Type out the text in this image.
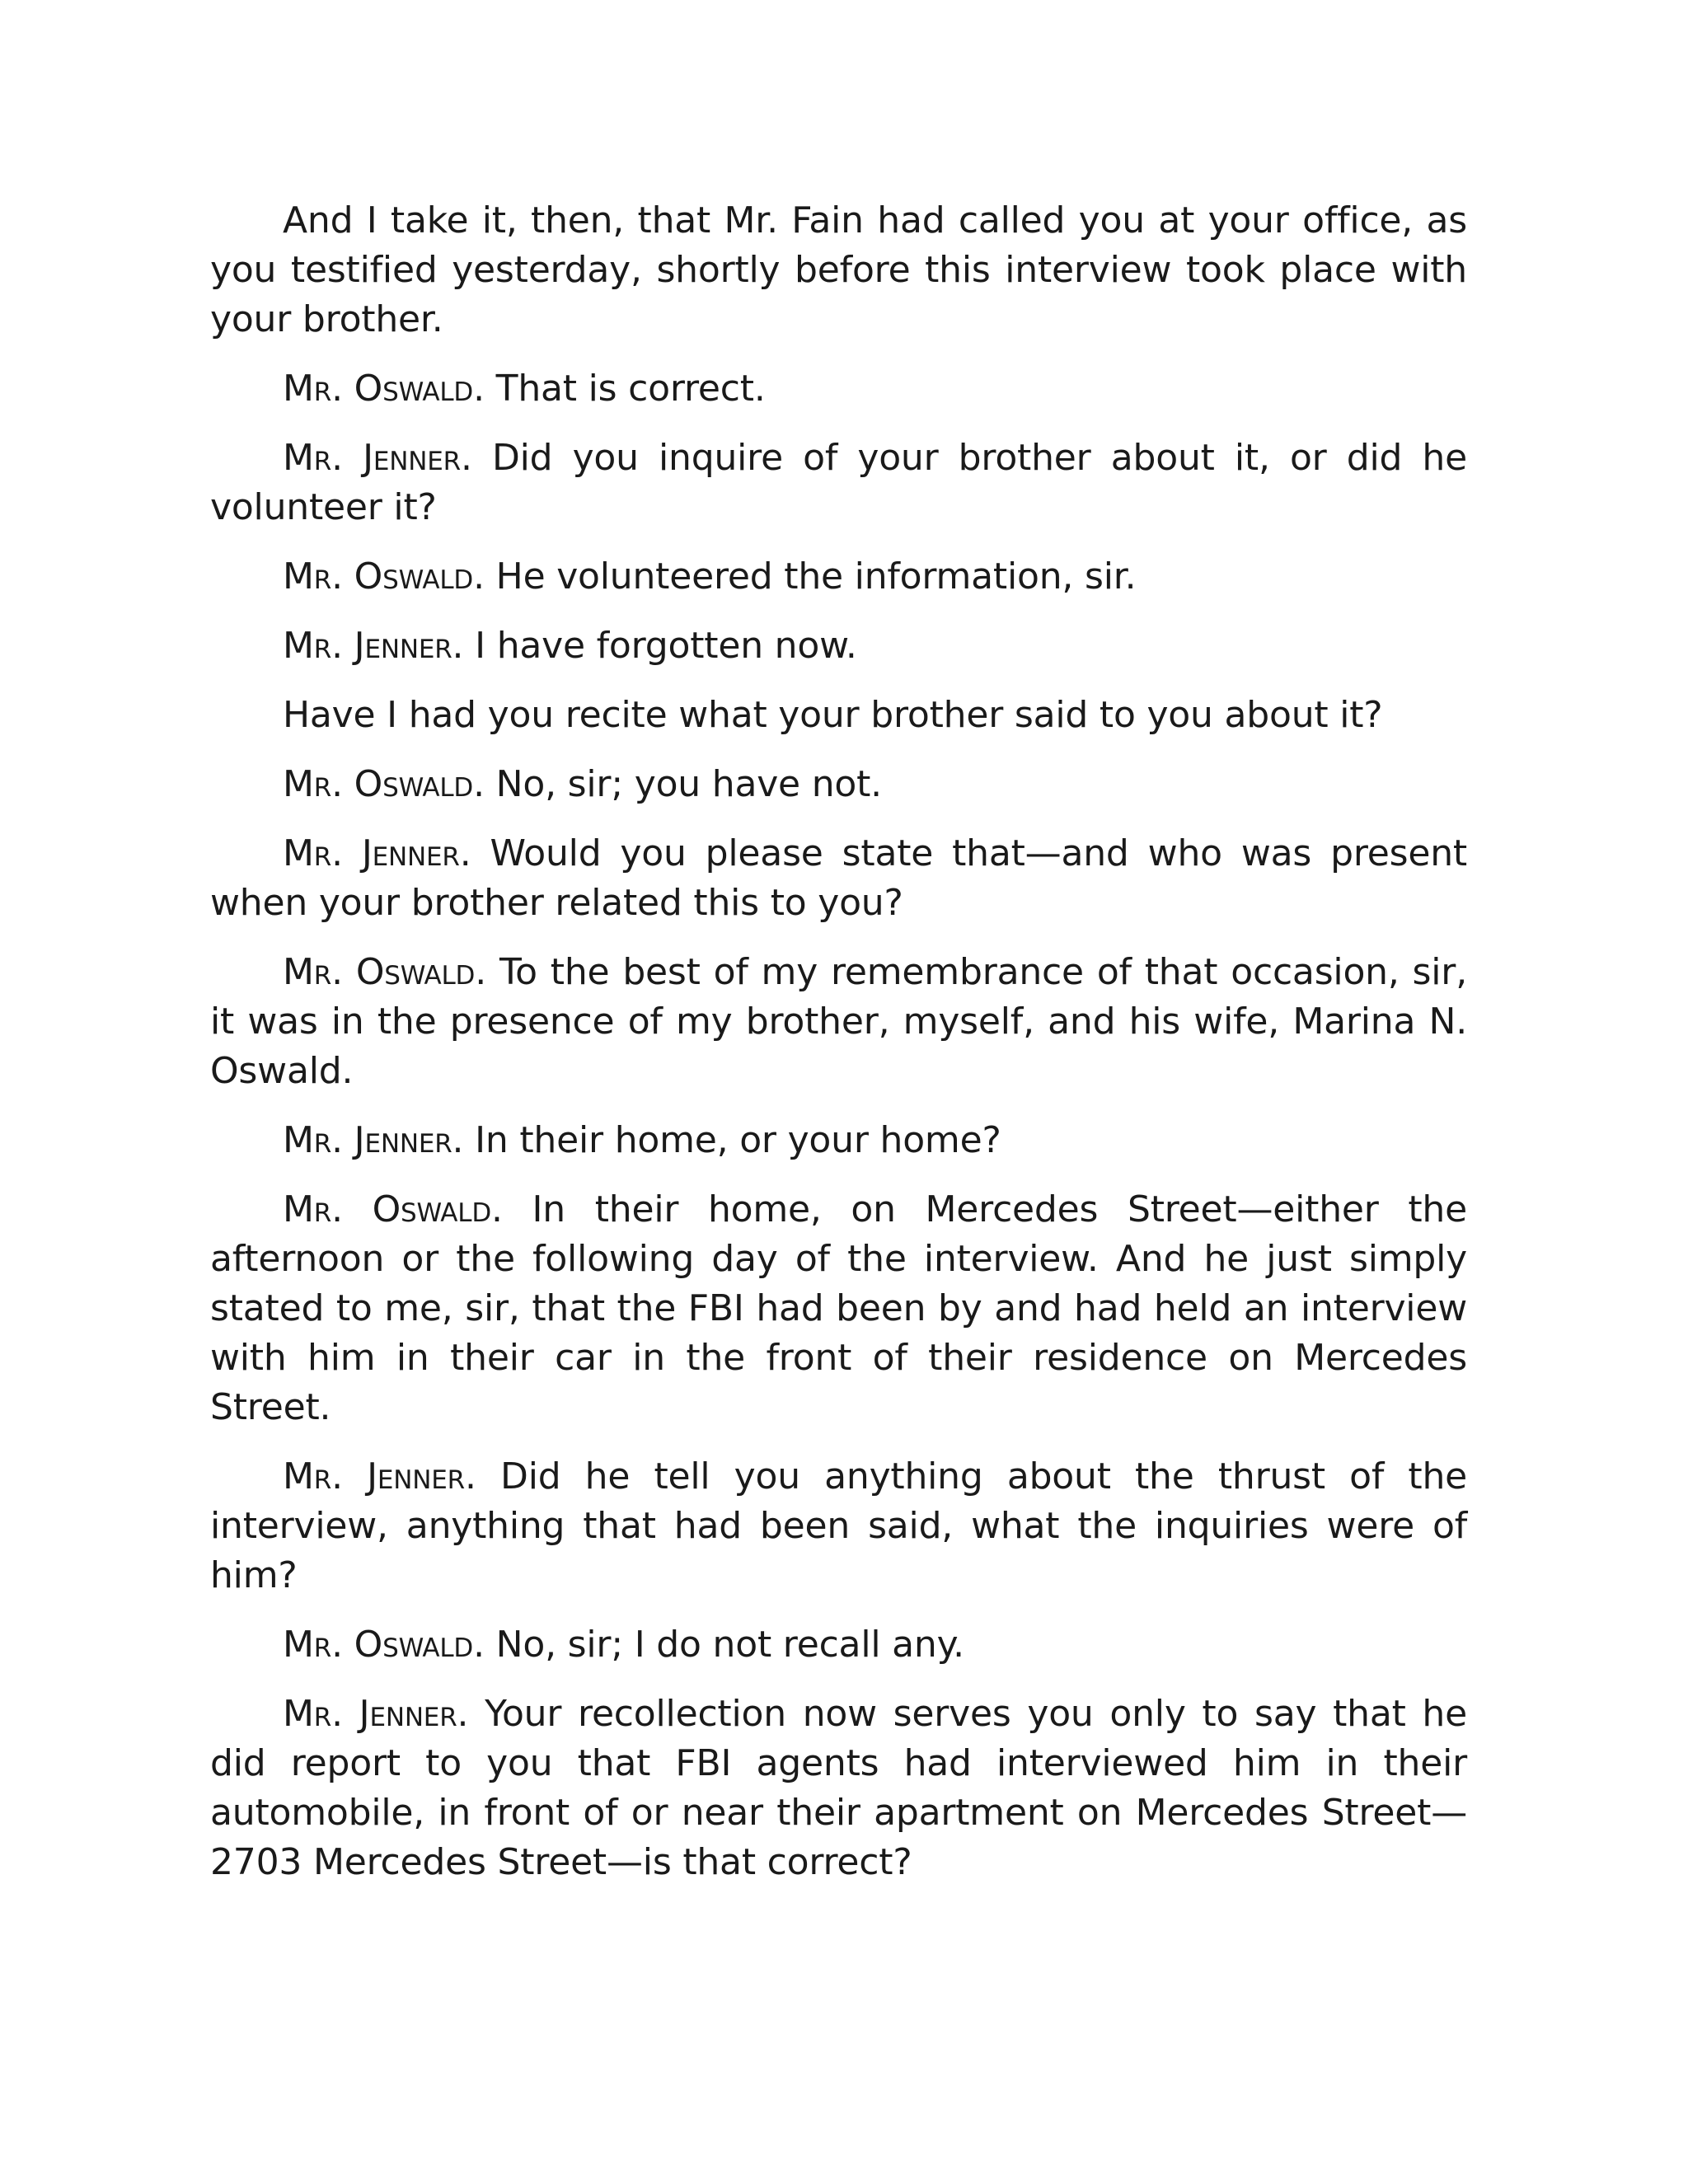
And I take it, then, that Mr. Fain had called you at your office, as you testified yesterday, shortly before this interview took place with your brother.

Mr. Oswald. That is correct.

Mr. Jenner. Did you inquire of your brother about it, or did he volunteer it?

Mr. Oswald. He volunteered the information, sir.

Mr. Jenner. I have forgotten now.

Have I had you recite what your brother said to you about it?

Mr. Oswald. No, sir; you have not.

Mr. Jenner. Would you please state that—and who was present when your brother related this to you?

Mr. Oswald. To the best of my remembrance of that occasion, sir, it was in the presence of my brother, myself, and his wife, Marina N. Oswald.

Mr. Jenner. In their home, or your home?

Mr. Oswald. In their home, on Mercedes Street—either the afternoon or the following day of the interview. And he just simply stated to me, sir, that the FBI had been by and had held an interview with him in their car in the front of their residence on Mercedes Street.

Mr. Jenner. Did he tell you anything about the thrust of the interview, anything that had been said, what the inquiries were of him?

Mr. Oswald. No, sir; I do not recall any.

Mr. Jenner. Your recollection now serves you only to say that he did report to you that FBI agents had interviewed him in their automobile, in front of or near their apartment on Mercedes Street—2703 Mercedes Street—is that correct?
